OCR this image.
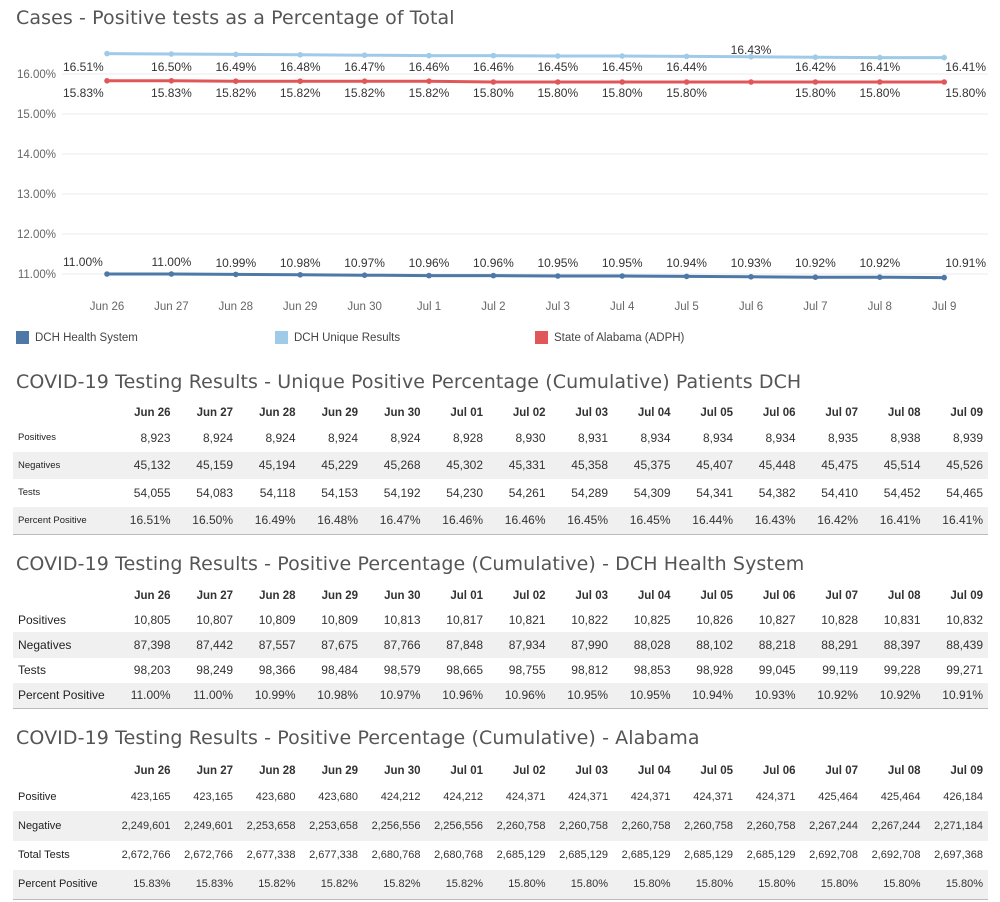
Cases - Positive tests as a Percentage of Total
11.00%
12.00%
13.00%
14.00%
15.00%
16.00%
Jun 26	Jun 27	Jun 28	Jun 29	Jun 30	Jul 1	Jul 2	Jul 3	Jul 4	Jul 5	Jul 6	Jul 7	Jul 8	Jul 9
11.00%	11.00% 10.99% 10.98% 10.97% 10.96% 10.96% 10.95% 10.95% 10.94% 10.93% 10.92% 10.92%	10.91%
16.51%	16.50% 16.49% 16.48% 16.47% 16.46% 16.46% 16.45% 16.45% 16.44%
16.43%
16.42% 16.41%	16.41%
15.83%	15.83% 15.82% 15.82% 15.82% 15.82% 15.80% 15.80% 15.80% 15.80%	15.80% 15.80%	15.80%
DCH Health System	DCH Unique Results	State of Alabama (ADPH)
COVID-19 Testing Results - Unique Positive Percentage (Cumulative) Patients DCH
	Jun 26	Jun 27	Jun 28	Jun 29	Jun 30	Jul 01	Jul 02	Jul 03	Jul 04	Jul 05	Jul 06	Jul 07	Jul 08	Jul 09
Positives	8,923	8,924	8,924	8,924	8,924	8,928	8,930	8,931	8,934	8,934	8,934	8,935	8,938	8,939
Negatives	45,132	45,159	45,194	45,229	45,268	45,302	45,331	45,358	45,375	45,407	45,448	45,475	45,514	45,526
Tests	54,055	54,083	54,118	54,153	54,192	54,230	54,261	54,289	54,309	54,341	54,382	54,410	54,452	54,465
Percent Positive	16.51%	16.50%	16.49%	16.48%	16.47%	16.46%	16.46%	16.45%	16.45%	16.44%	16.43%	16.42%	16.41%	16.41%
COVID-19 Testing Results - Positive Percentage (Cumulative) - DCH Health System
	Jun 26	Jun 27	Jun 28	Jun 29	Jun 30	Jul 01	Jul 02	Jul 03	Jul 04	Jul 05	Jul 06	Jul 07	Jul 08	Jul 09
Positives	10,805	10,807	10,809	10,809	10,813	10,817	10,821	10,822	10,825	10,826	10,827	10,828	10,831	10,832
Negatives	87,398	87,442	87,557	87,675	87,766	87,848	87,934	87,990	88,028	88,102	88,218	88,291	88,397	88,439
Tests	98,203	98,249	98,366	98,484	98,579	98,665	98,755	98,812	98,853	98,928	99,045	99,119	99,228	99,271
Percent Positive	11.00%	11.00%	10.99%	10.98%	10.97%	10.96%	10.96%	10.95%	10.95%	10.94%	10.93%	10.92%	10.92%	10.91%
COVID-19 Testing Results - Positive Percentage (Cumulative) - Alabama
	Jun 26	Jun 27	Jun 28	Jun 29	Jun 30	Jul 01	Jul 02	Jul 03	Jul 04	Jul 05	Jul 06	Jul 07	Jul 08	Jul 09
Positive	423,165	423,165	423,680	423,680	424,212	424,212	424,371	424,371	424,371	424,371	424,371	425,464	425,464	426,184
Negative	2,249,601	2,249,601	2,253,658	2,253,658	2,256,556	2,256,556	2,260,758	2,260,758	2,260,758	2,260,758	2,260,758	2,267,244	2,267,244	2,271,184
Total Tests	2,672,766	2,672,766	2,677,338	2,677,338	2,680,768	2,680,768	2,685,129	2,685,129	2,685,129	2,685,129	2,685,129	2,692,708	2,692,708	2,697,368
Percent Positive	15.83%	15.83%	15.82%	15.82%	15.82%	15.82%	15.80%	15.80%	15.80%	15.80%	15.80%	15.80%	15.80%	15.80%
